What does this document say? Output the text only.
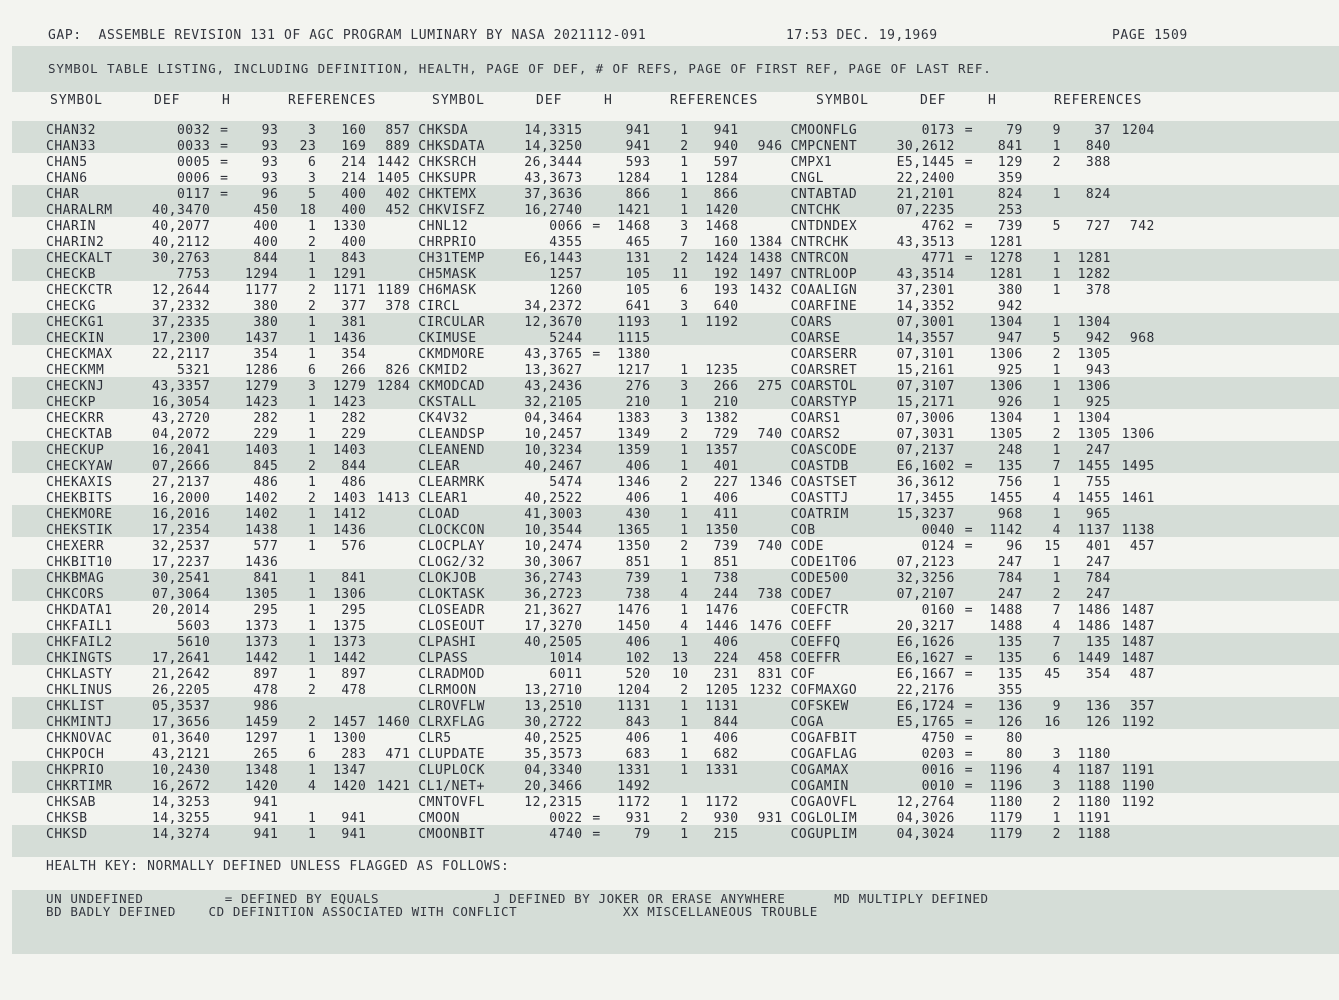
GAP:  ASSEMBLE REVISION 131 OF AGC PROGRAM LUMINARY BY NASA 2021112-091	17:53 DEC. 19,1969	PAGE 1509
SYMBOL TABLE LISTING, INCLUDING DEFINITION, HEALTH, PAGE OF DEF, # OF REFS, PAGE OF FIRST REF, PAGE OF LAST REF.
SYMBOL	DEF	H	REFERENCES	SYMBOL	DEF	H	REFERENCES	SYMBOL	DEF	H	REFERENCES
CHAN32	0032	=	93	3	160	857		CHKSDA	14,3315		941	1	941			CMOONFLG	0173	=	79	9	37	1204
CHAN33	0033	=	93	23	169	889		CHKSDATA	14,3250		941	2	940	946		CMPCNENT	30,2612		841	1	840	
CHAN5	0005	=	93	6	214	1442		CHKSRCH	26,3444		593	1	597			CMPX1	E5,1445	=	129	2	388	
CHAN6	0006	=	93	3	214	1405		CHKSUPR	43,3673		1284	1	1284			CNGL	22,2400		359			
CHAR	0117	=	96	5	400	402		CHKTEMX	37,3636		866	1	866			CNTABTAD	21,2101		824	1	824	
CHARALRM	40,3470		450	18	400	452		CHKVISFZ	16,2740		1421	1	1420			CNTCHK	07,2235		253			
CHARIN	40,2077		400	1	1330			CHNL12	0066	=	1468	3	1468			CNTDNDEX	4762	=	739	5	727	742
CHARIN2	40,2112		400	2	400			CHRPRIO	4355		465	7	160	1384		CNTRCHK	43,3513		1281			
CHECKALT	30,2763		844	1	843			CH31TEMP	E6,1443		131	2	1424	1438		CNTRCON	4771	=	1278	1	1281	
CHECKB	7753		1294	1	1291			CH5MASK	1257		105	11	192	1497		CNTRLOOP	43,3514		1281	1	1282	
CHECKCTR	12,2644		1177	2	1171	1189		CH6MASK	1260		105	6	193	1432		COAALIGN	37,2301		380	1	378	
CHECKG	37,2332		380	2	377	378		CIRCL	34,2372		641	3	640			COARFINE	14,3352		942			
CHECKG1	37,2335		380	1	381			CIRCULAR	12,3670		1193	1	1192			COARS	07,3001		1304	1	1304	
CHECKIN	17,2300		1437	1	1436			CKIMUSE	5244		1115					COARSE	14,3557		947	5	942	968
CHECKMAX	22,2117		354	1	354			CKMDMORE	43,3765	=	1380					COARSERR	07,3101		1306	2	1305	
CHECKMM	5321		1286	6	266	826		CKMID2	13,3627		1217	1	1235			COARSRET	15,2161		925	1	943	
CHECKNJ	43,3357		1279	3	1279	1284		CKMODCAD	43,2436		276	3	266	275		COARSTOL	07,3107		1306	1	1306	
CHECKP	16,3054		1423	1	1423			CKSTALL	32,2105		210	1	210			COARSTYP	15,2171		926	1	925	
CHECKRR	43,2720		282	1	282			CK4V32	04,3464		1383	3	1382			COARS1	07,3006		1304	1	1304	
CHECKTAB	04,2072		229	1	229			CLEANDSP	10,2457		1349	2	729	740		COARS2	07,3031		1305	2	1305	1306
CHECKUP	16,2041		1403	1	1403			CLEANEND	10,3234		1359	1	1357			COASCODE	07,2137		248	1	247	
CHECKYAW	07,2666		845	2	844			CLEAR	40,2467		406	1	401			COASTDB	E6,1602	=	135	7	1455	1495
CHEKAXIS	27,2137		486	1	486			CLEARMRK	5474		1346	2	227	1346		COASTSET	36,3612		756	1	755	
CHEKBITS	16,2000		1402	2	1403	1413		CLEAR1	40,2522		406	1	406			COASTTJ	17,3455		1455	4	1455	1461
CHEKMORE	16,2016		1402	1	1412			CLOAD	41,3003		430	1	411			COATRIM	15,3237		968	1	965	
CHEKSTIK	17,2354		1438	1	1436			CLOCKCON	10,3544		1365	1	1350			COB	0040	=	1142	4	1137	1138
CHEXERR	32,2537		577	1	576			CLOCPLAY	10,2474		1350	2	739	740		CODE	0124	=	96	15	401	457
CHKBIT10	17,2237		1436					CLOG2/32	30,3067		851	1	851			CODE1T06	07,2123		247	1	247	
CHKBMAG	30,2541		841	1	841			CLOKJOB	36,2743		739	1	738			CODE500	32,3256		784	1	784	
CHKCORS	07,3064		1305	1	1306			CLOKTASK	36,2723		738	4	244	738		CODE7	07,2107		247	2	247	
CHKDATA1	20,2014		295	1	295			CLOSEADR	21,3627		1476	1	1476			COEFCTR	0160	=	1488	7	1486	1487
CHKFAIL1	5603		1373	1	1375			CLOSEOUT	17,3270		1450	4	1446	1476		COEFF	20,3217		1488	4	1486	1487
CHKFAIL2	5610		1373	1	1373			CLPASHI	40,2505		406	1	406			COEFFQ	E6,1626		135	7	135	1487
CHKINGTS	17,2641		1442	1	1442			CLPASS	1014		102	13	224	458		COEFFR	E6,1627	=	135	6	1449	1487
CHKLASTY	21,2642		897	1	897			CLRADMOD	6011		520	10	231	831		COF	E6,1667	=	135	45	354	487
CHKLINUS	26,2205		478	2	478			CLRMOON	13,2710		1204	2	1205	1232		COFMAXGO	22,2176		355			
CHKLIST	05,3537		986					CLROVFLW	13,2510		1131	1	1131			COFSKEW	E6,1724	=	136	9	136	357
CHKMINTJ	17,3656		1459	2	1457	1460		CLRXFLAG	30,2722		843	1	844			COGA	E5,1765	=	126	16	126	1192
CHKNOVAC	01,3640		1297	1	1300			CLR5	40,2525		406	1	406			COGAFBIT	4750	=	80			
CHKPOCH	43,2121		265	6	283	471		CLUPDATE	35,3573		683	1	682			COGAFLAG	0203	=	80	3	1180	
CHKPRIO	10,2430		1348	1	1347			CLUPLOCK	04,3340		1331	1	1331			COGAMAX	0016	=	1196	4	1187	1191
CHKRTIMR	16,2672		1420	4	1420	1421		CL1/NET+	20,3466		1492					COGAMIN	0010	=	1196	3	1188	1190
CHKSAB	14,3253		941					CMNTOVFL	12,2315		1172	1	1172			COGAOVFL	12,2764		1180	2	1180	1192
CHKSB	14,3255		941	1	941			CMOON	0022	=	931	2	930	931		COGLOLIM	04,3026		1179	1	1191	
CHKSD	14,3274		941	1	941			CMOONBIT	4740	=	79	1	215			COGUPLIM	04,3024		1179	2	1188	
HEALTH KEY: NORMALLY DEFINED UNLESS FLAGGED AS FOLLOWS:
UN UNDEFINED          = DEFINED BY EQUALS              J DEFINED BY JOKER OR ERASE ANYWHERE      MD MULTIPLY DEFINED
BD BADLY DEFINED    CD DEFINITION ASSOCIATED WITH CONFLICT             XX MISCELLANEOUS TROUBLE
